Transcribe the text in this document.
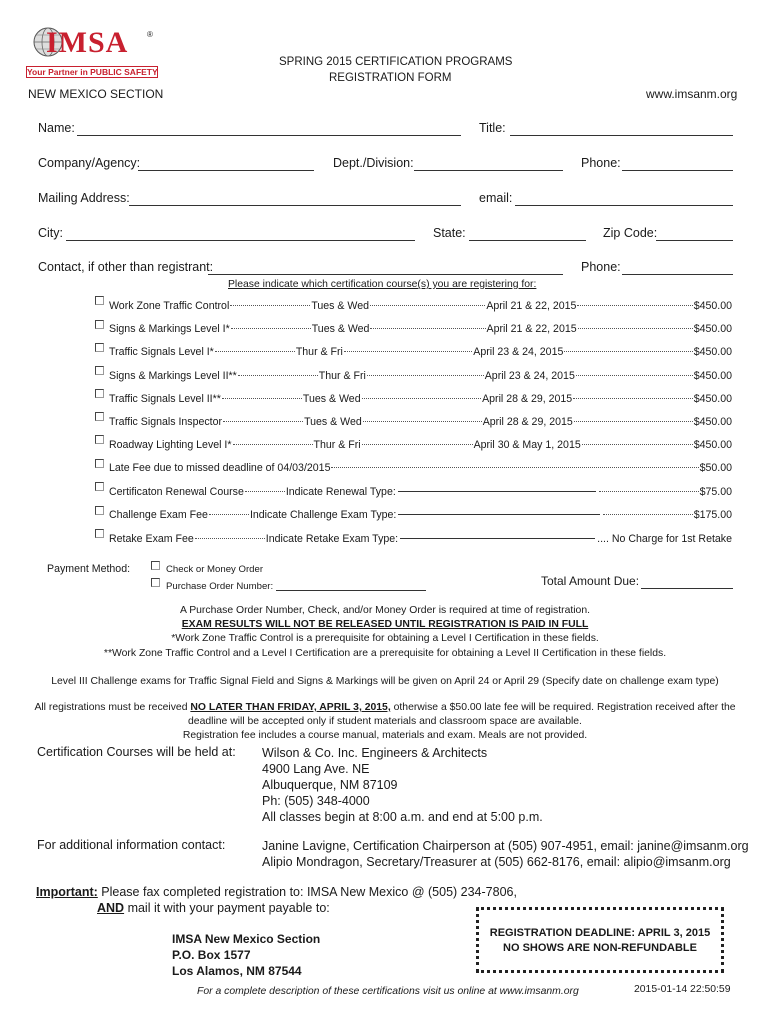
IMSA ®
Your Partner in PUBLIC SAFETY
SPRING 2015 CERTIFICATION PROGRAMS
REGISTRATION FORM
NEW MEXICO SECTION	www.imsanm.org
Name:	Title:
Company/Agency:	Dept./Division:	Phone:
Mailing Address:	email:
City:	State:	Zip Code:
Contact, if other than registrant:	Phone:
Please indicate which certification course(s) you are registering for:
Work Zone Traffic Control	Tues & Wed	April 21 & 22, 2015	$450.00
Signs & Markings Level I*	Tues & Wed	April 21 & 22, 2015	$450.00
Traffic Signals Level I*	Thur & Fri	April 23 & 24, 2015	$450.00
Signs & Markings Level II**	Thur & Fri	April 23 & 24, 2015	$450.00
Traffic Signals Level II**	Tues & Wed	April 28 & 29, 2015	$450.00
Traffic Signals Inspector	Tues & Wed	April 28 & 29, 2015	$450.00
Roadway Lighting Level I*	Thur & Fri	April 30 & May 1, 2015	$450.00
Late Fee due to missed deadline of 04/03/2015	$50.00
Certificaton Renewal Course	Indicate Renewal Type:	$75.00
Challenge Exam Fee	Indicate Challenge Exam Type:	$175.00
Retake Exam Fee	Indicate Retake Exam Type:	.... No Charge for 1st Retake
Payment Method:	Check or Money Order
Purchase Order Number:	Total Amount Due:
A Purchase Order Number, Check, and/or Money Order is required at time of registration.
EXAM RESULTS WILL NOT BE RELEASED UNTIL REGISTRATION IS PAID IN FULL
*Work Zone Traffic Control is a prerequisite for obtaining a Level I Certification in these fields.
**Work Zone Traffic Control and a Level I Certification are a prerequisite for obtaining a Level II Certification in these fields.
Level III Challenge exams for Traffic Signal Field and Signs & Markings will be given on April 24 or April 29 (Specify date on challenge exam type)
All registrations must be received NO LATER THAN FRIDAY, APRIL 3, 2015, otherwise a $50.00 late fee will be required. Registration received after the
deadline will be accepted only if student materials and classroom space are available.
Registration fee includes a course manual, materials and exam. Meals are not provided.
Certification Courses will be held at: Wilson & Co. Inc. Engineers & Architects
4900 Lang Ave. NE
Albuquerque, NM 87109
Ph: (505) 348-4000
All classes begin at 8:00 a.m. and end at 5:00 p.m.
For additional information contact:	Janine Lavigne, Certification Chairperson at (505) 907-4951, email: janine@imsanm.org
Alipio Mondragon, Secretary/Treasurer at (505) 662-8176, email: alipio@imsanm.org
Important: Please fax completed registration to: IMSA New Mexico @ (505) 234-7806,
AND mail it with your payment payable to:
IMSA New Mexico Section
P.O. Box 1577
Los Alamos, NM 87544
REGISTRATION DEADLINE: APRIL 3, 2015
NO SHOWS ARE NON-REFUNDABLE
For a complete description of these certifications visit us online at www.imsanm.org	2015-01-14 22:50:59
